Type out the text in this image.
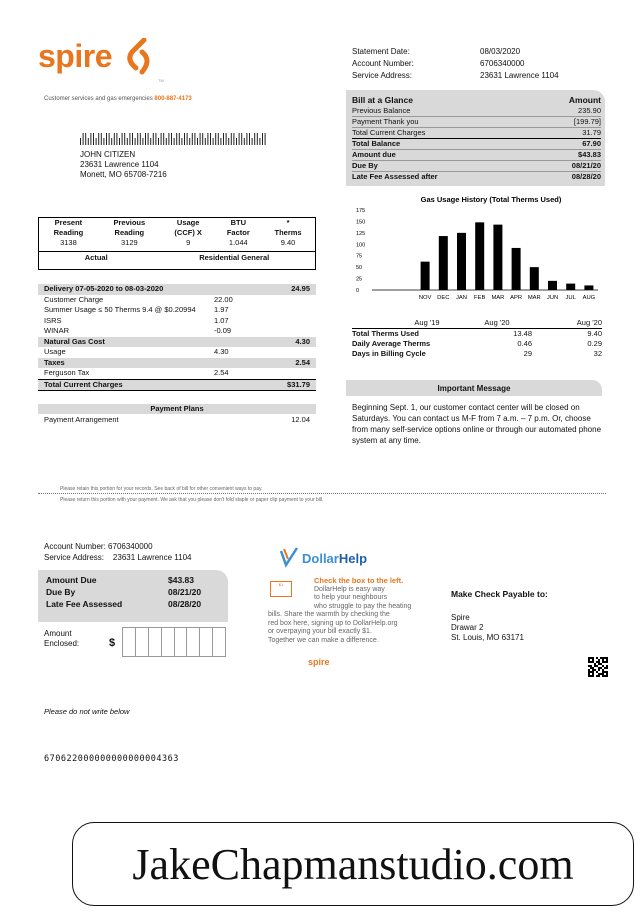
spire
TM
Customer services and gas emergencies 800-887-4173
Statement Date:	08/03/2020
Account Number:	6706340000
Service Address:	23631 Lawrence 1104
Bill at a Glance	Amount
Previous Balance	235.90
Payment Thank you	[199.79]
Total Current Charges	31.79
Total Balance	67.90
Amount due	$43.83
Due By	08/21/20
Late Fee Assessed after	08/28/20
JOHN CITIZEN
23631 Lawrence 1104
Monett, MO 65708-7216
Present	Previous	Usage	BTU	*
Reading	Reading	(CCF) X	Factor	Therms
3138	3129	9	1.044	9.40
Actual	Residential General
Delivery 07-05-2020 to 08-03-2020	24.95
Customer Charge	22.00
Summer Usage ≤ 50 Therms 9.4 @ $0.20994	1.97
ISRS	1.07
WINAR	-0.09
Natural Gas Cost	4.30
Usage	4.30
Taxes	2.54
Ferguson Tax	2.54
Total Current Charges	$31.79
Payment Plans
Payment Arrangement	12.04
Gas Usage History (Total Therms Used)
0
25
50
75
100
125
150
175
NOV DEC JAN FEB MAR APR MAR JUN JUL AUG
Aug '19	Aug '20	Aug '20
Total Therms Used	13.48	9.40
Daily Average Therms	0.46	0.29
Days in Billing Cycle	29	32
Important Message
Beginning Sept. 1, our customer contact center will be closed on Saturdays. You can contact us M-F from 7 a.m. – 7 p.m. Or, choose from many self-service options online or through our automated phone system at any time.
Please retain this portion for your records. See back of bill for other convenient ways to pay.
Please return this portion with your payment. We ask that you please don't fold staple or paper clip payment to your bill.
Account Number: 6706340000
Service Address: 23631 Lawrence 1104
Amount Due	$43.83
Due By	08/21/20
Late Fee Assessed	08/28/20
Amount
Enclosed:	$
DollarHelp
$1	Check the box to the left.
DollarHelp is easy way
to help your neighbours
who struggle to pay the heating
bills. Share the warmth by checking the
red box here, signing up to DollarHelp.org
or overpaying your bill exactly $1.
Together we can make a difference.
spire
Make Check Payable to:
Spire
Drawar 2
St. Louis, MO 63171
Please do not write below
670622000000000000004363
JakeChapmanstudio.com
